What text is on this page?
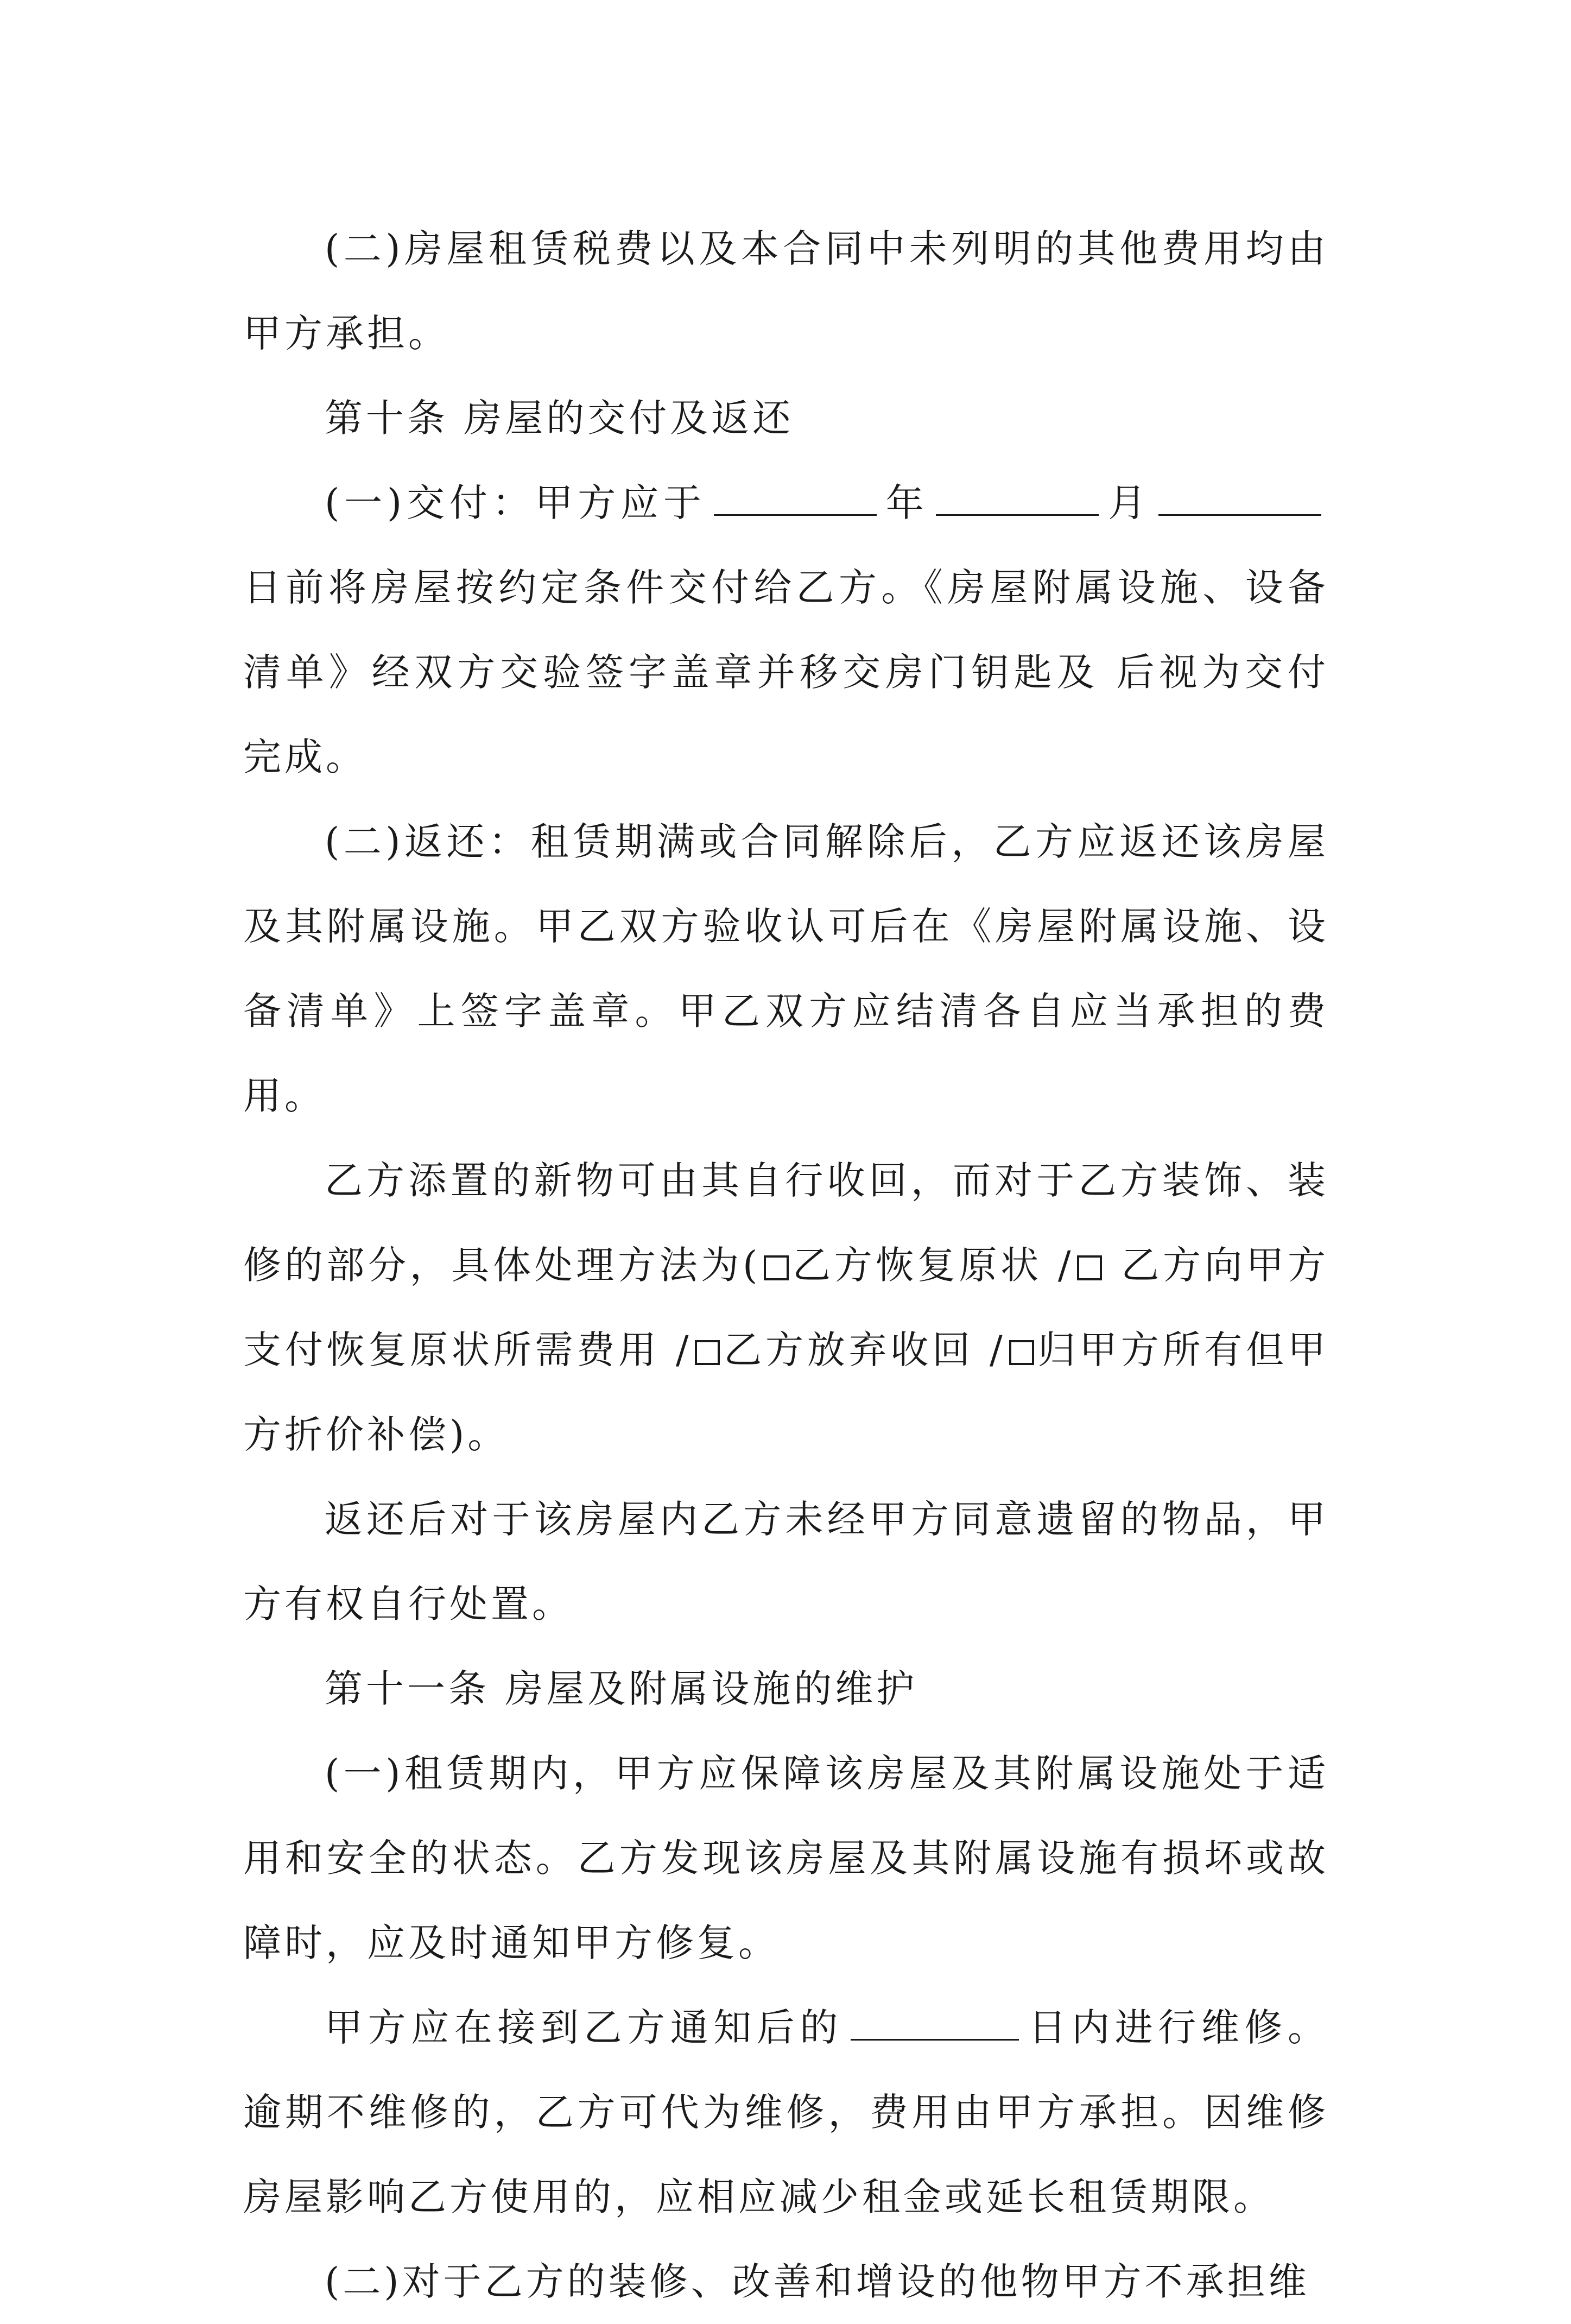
(二)房屋租赁税费以及本合同中未列明的其他费用均由甲方承担。

第十条 房屋的交付及返还

(一)交付：甲方应于	年	月日前将房屋按约定条件交付给乙方。《房屋附属设施、设备清单》经双方交验签字盖章并移交房门钥匙及 后视为交付完成。

(二)返还：租赁期满或合同解除后，乙方应返还该房屋及其附属设施。甲乙双方验收认可后在《房屋附属设施、设备清单》上签字盖章。甲乙双方应结清各自应当承担的费用。

乙方添置的新物可由其自行收回，而对于乙方装饰、装修的部分，具体处理方法为( 乙方恢复原状 / 乙方向甲方支付恢复原状所需费用 / 乙方放弃收回 / 归甲方所有但甲方折价补偿)。

返还后对于该房屋内乙方未经甲方同意遗留的物品，甲方有权自行处置。

第十一条 房屋及附属设施的维护

(一)租赁期内，甲方应保障该房屋及其附属设施处于适用和安全的状态。乙方发现该房屋及其附属设施有损坏或故障时，应及时通知甲方修复。

甲方应在接到乙方通知后的	日内进行维修。逾期不维修的，乙方可代为维修，费用由甲方承担。因维修房屋影响乙方使用的，应相应减少租金或延长租赁期限。

(二)对于乙方的装修、改善和增设的他物甲方不承担维
